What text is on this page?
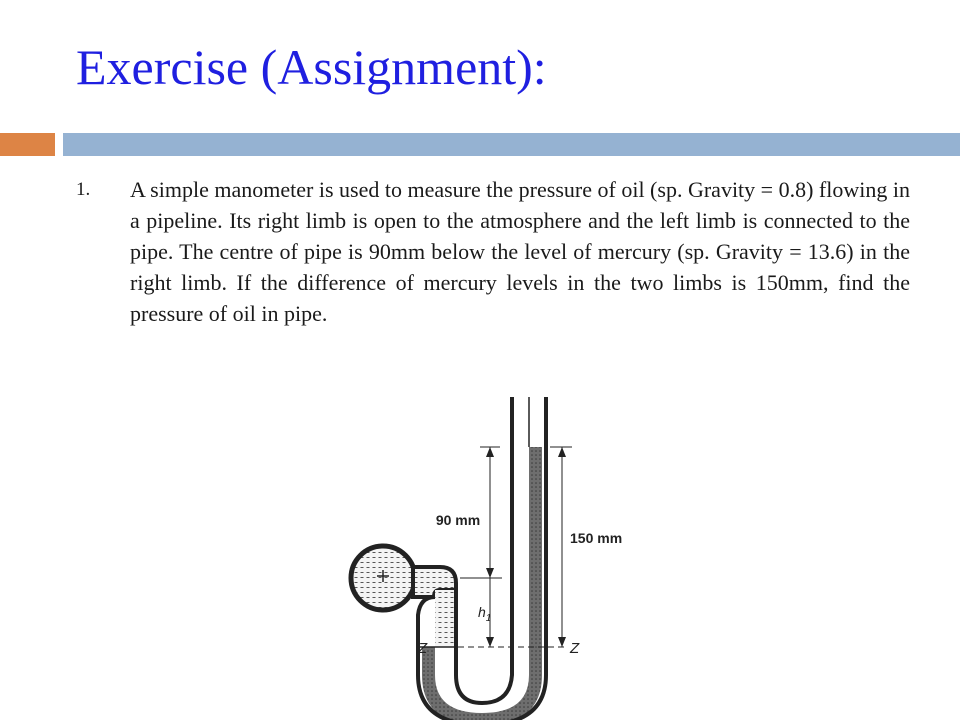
Exercise (Assignment):
1. A simple manometer is used to measure the pressure of oil (sp. Gravity = 0.8) flowing in a pipeline. Its right limb is open to the atmosphere and the left limb is connected to the pipe. The centre of pipe is 90mm below the level of mercury (sp. Gravity = 13.6) in the right limb. If the difference of mercury levels in the two limbs is 150mm, find the pressure of oil in pipe.
90 mm
$h_1$
150 mm
Z	Z
